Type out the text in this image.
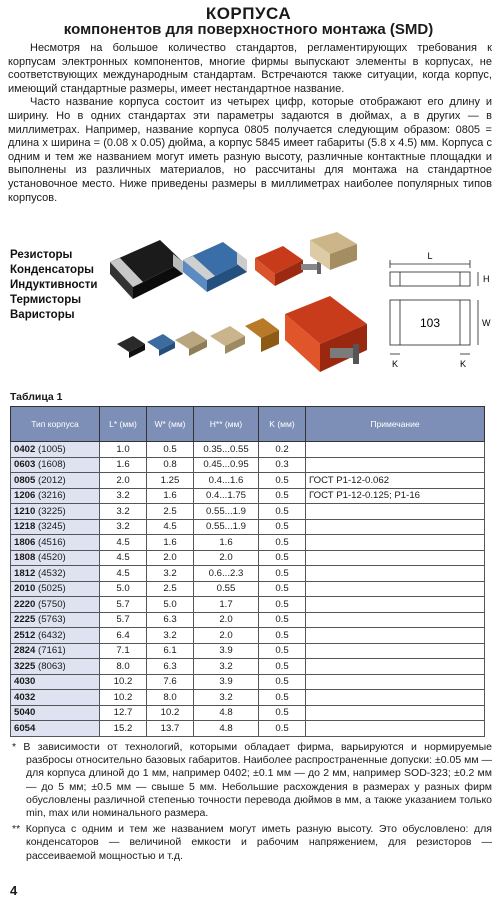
КОРПУСА
компонентов для поверхностного монтажа (SMD)

Несмотря на большое количество стандартов, регламентирующих требования к корпусам электронных компонентов, многие фирмы выпускают элементы в корпусах, не соответствующих международным стандартам. Встречаются также ситуации, когда корпус, имеющий стандартные размеры, имеет нестандартное название.

Часто название корпуса состоит из четырех цифр, которые отображают его длину и ширину. Но в одних стандартах эти параметры задаются в дюймах, а в других — в миллиметрах. Например, название корпуса 0805 получается следующим образом: 0805 = длина х ширина = (0.08 х 0.05) дюйма, а корпус 5845 имеет габариты (5.8 х 4.5) мм. Корпуса с одним и тем же названием могут иметь разную высоту, различные контактные площадки и выполнены из различных материалов, но рассчитаны для монтажа на стандартное установочное место. Ниже приведены размеры в миллиметрах наиболее популярных типов корпусов.

Резисторы
Конденсаторы
Индуктивности
Термисторы
Варисторы
L
H
103	W
K	K
Таблица 1
Тип корпуса	L* (мм)	W* (мм)	H** (мм)	K (мм)	Примечание
0402 (1005)	1.0	0.5	0.35...0.55	0.2	
0603 (1608)	1.6	0.8	0.45...0.95	0.3	
0805 (2012)	2.0	1.25	0.4...1.6	0.5	ГОСТ Р1-12-0.062
1206 (3216)	3.2	1.6	0.4...1.75	0.5	ГОСТ Р1-12-0.125; Р1-16
1210 (3225)	3.2	2.5	0.55...1.9	0.5	
1218 (3245)	3.2	4.5	0.55...1.9	0.5	
1806 (4516)	4.5	1.6	1.6	0.5	
1808 (4520)	4.5	2.0	2.0	0.5	
1812 (4532)	4.5	3.2	0.6...2.3	0.5	
2010 (5025)	5.0	2.5	0.55	0.5	
2220 (5750)	5.7	5.0	1.7	0.5	
2225 (5763)	5.7	6.3	2.0	0.5	
2512 (6432)	6.4	3.2	2.0	0.5	
2824 (7161)	7.1	6.1	3.9	0.5	
3225 (8063)	8.0	6.3	3.2	0.5	
4030	10.2	7.6	3.9	0.5	
4032	10.2	8.0	3.2	0.5	
5040	12.7	10.2	4.8	0.5	
6054	15.2	13.7	4.8	0.5	

* В зависимости от технологий, которыми обладает фирма, варьируются и нормируемые разбросы относительно базовых габаритов. Наиболее распространенные допуски: ±0.05 мм — для корпуса длиной до 1 мм, например 0402; ±0.1 мм — до 2 мм, например SOD-323; ±0.2 мм — до 5 мм; ±0.5 мм — свыше 5 мм. Небольшие расхождения в размерах у разных фирм обусловлены различной степенью точности перевода дюймов в мм, а также указанием только min, max или номинального размера.

** Корпуса с одним и тем же названием могут иметь разную высоту. Это обусловлено: для конденсаторов — величиной емкости и рабочим напряжением, для резисторов — рассеиваемой мощностью и т.д.

4
